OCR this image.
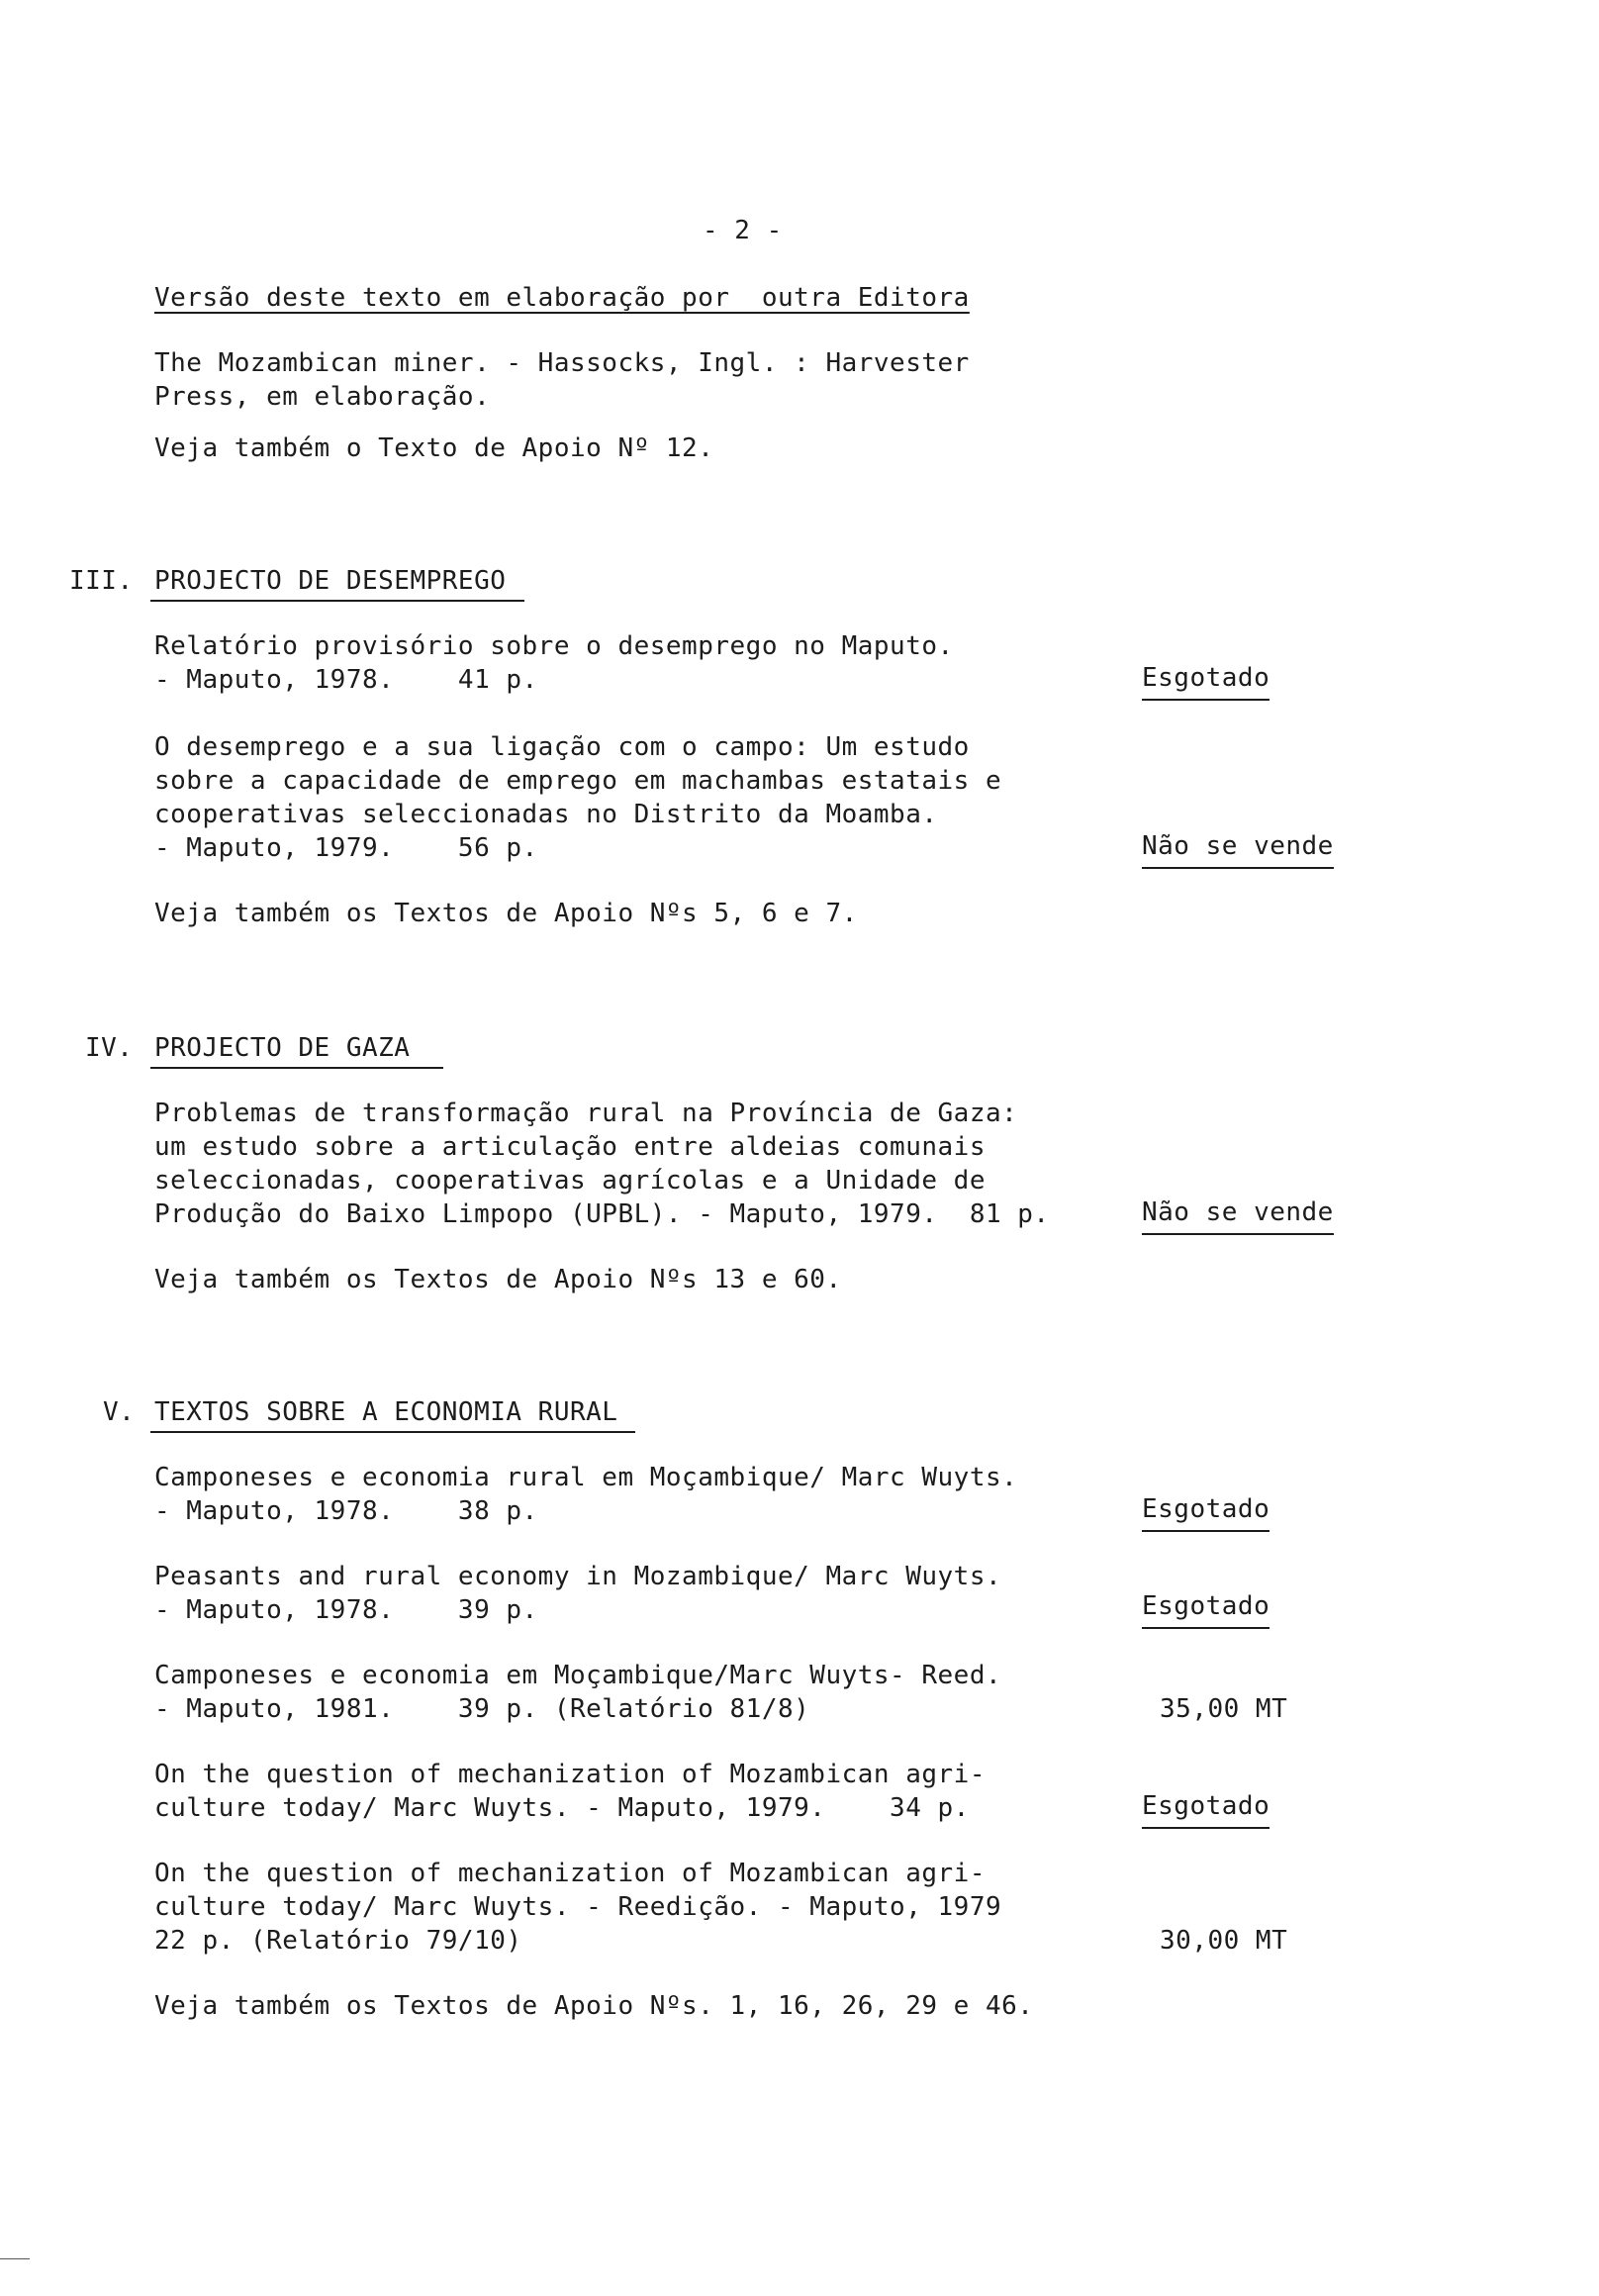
- 2 -
Versão deste texto em elaboração por  outra Editora
The Mozambican miner. - Hassocks, Ingl. : Harvester
Press, em elaboração.
Veja também o Texto de Apoio Nº 12.
III. PROJECTO DE DESEMPREGO
Relatório provisório sobre o desemprego no Maputo.
- Maputo, 1978.    41 p.	Esgotado
O desemprego e a sua ligação com o campo: Um estudo
sobre a capacidade de emprego em machambas estatais e
cooperativas seleccionadas no Distrito da Moamba.
- Maputo, 1979.    56 p.	Não se vende
Veja também os Textos de Apoio Nºs 5, 6 e 7.
IV. PROJECTO DE GAZA
Problemas de transformação rural na Província de Gaza:
um estudo sobre a articulação entre aldeias comunais
seleccionadas, cooperativas agrícolas e a Unidade de
Produção do Baixo Limpopo (UPBL). - Maputo, 1979.  81 p.	Não se vende
Veja também os Textos de Apoio Nºs 13 e 60.
V. TEXTOS SOBRE A ECONOMIA RURAL
Camponeses e economia rural em Moçambique/ Marc Wuyts.
- Maputo, 1978.    38 p.	Esgotado
Peasants and rural economy in Mozambique/ Marc Wuyts.
- Maputo, 1978.    39 p.	Esgotado
Camponeses e economia em Moçambique/Marc Wuyts- Reed.
- Maputo, 1981.    39 p. (Relatório 81/8)	35,00 MT
On the question of mechanization of Mozambican agri-
culture today/ Marc Wuyts. - Maputo, 1979.    34 p.	Esgotado
On the question of mechanization of Mozambican agri-
culture today/ Marc Wuyts. - Reedição. - Maputo, 1979
22 p. (Relatório 79/10)	30,00 MT
Veja também os Textos de Apoio Nºs. 1, 16, 26, 29 e 46.
